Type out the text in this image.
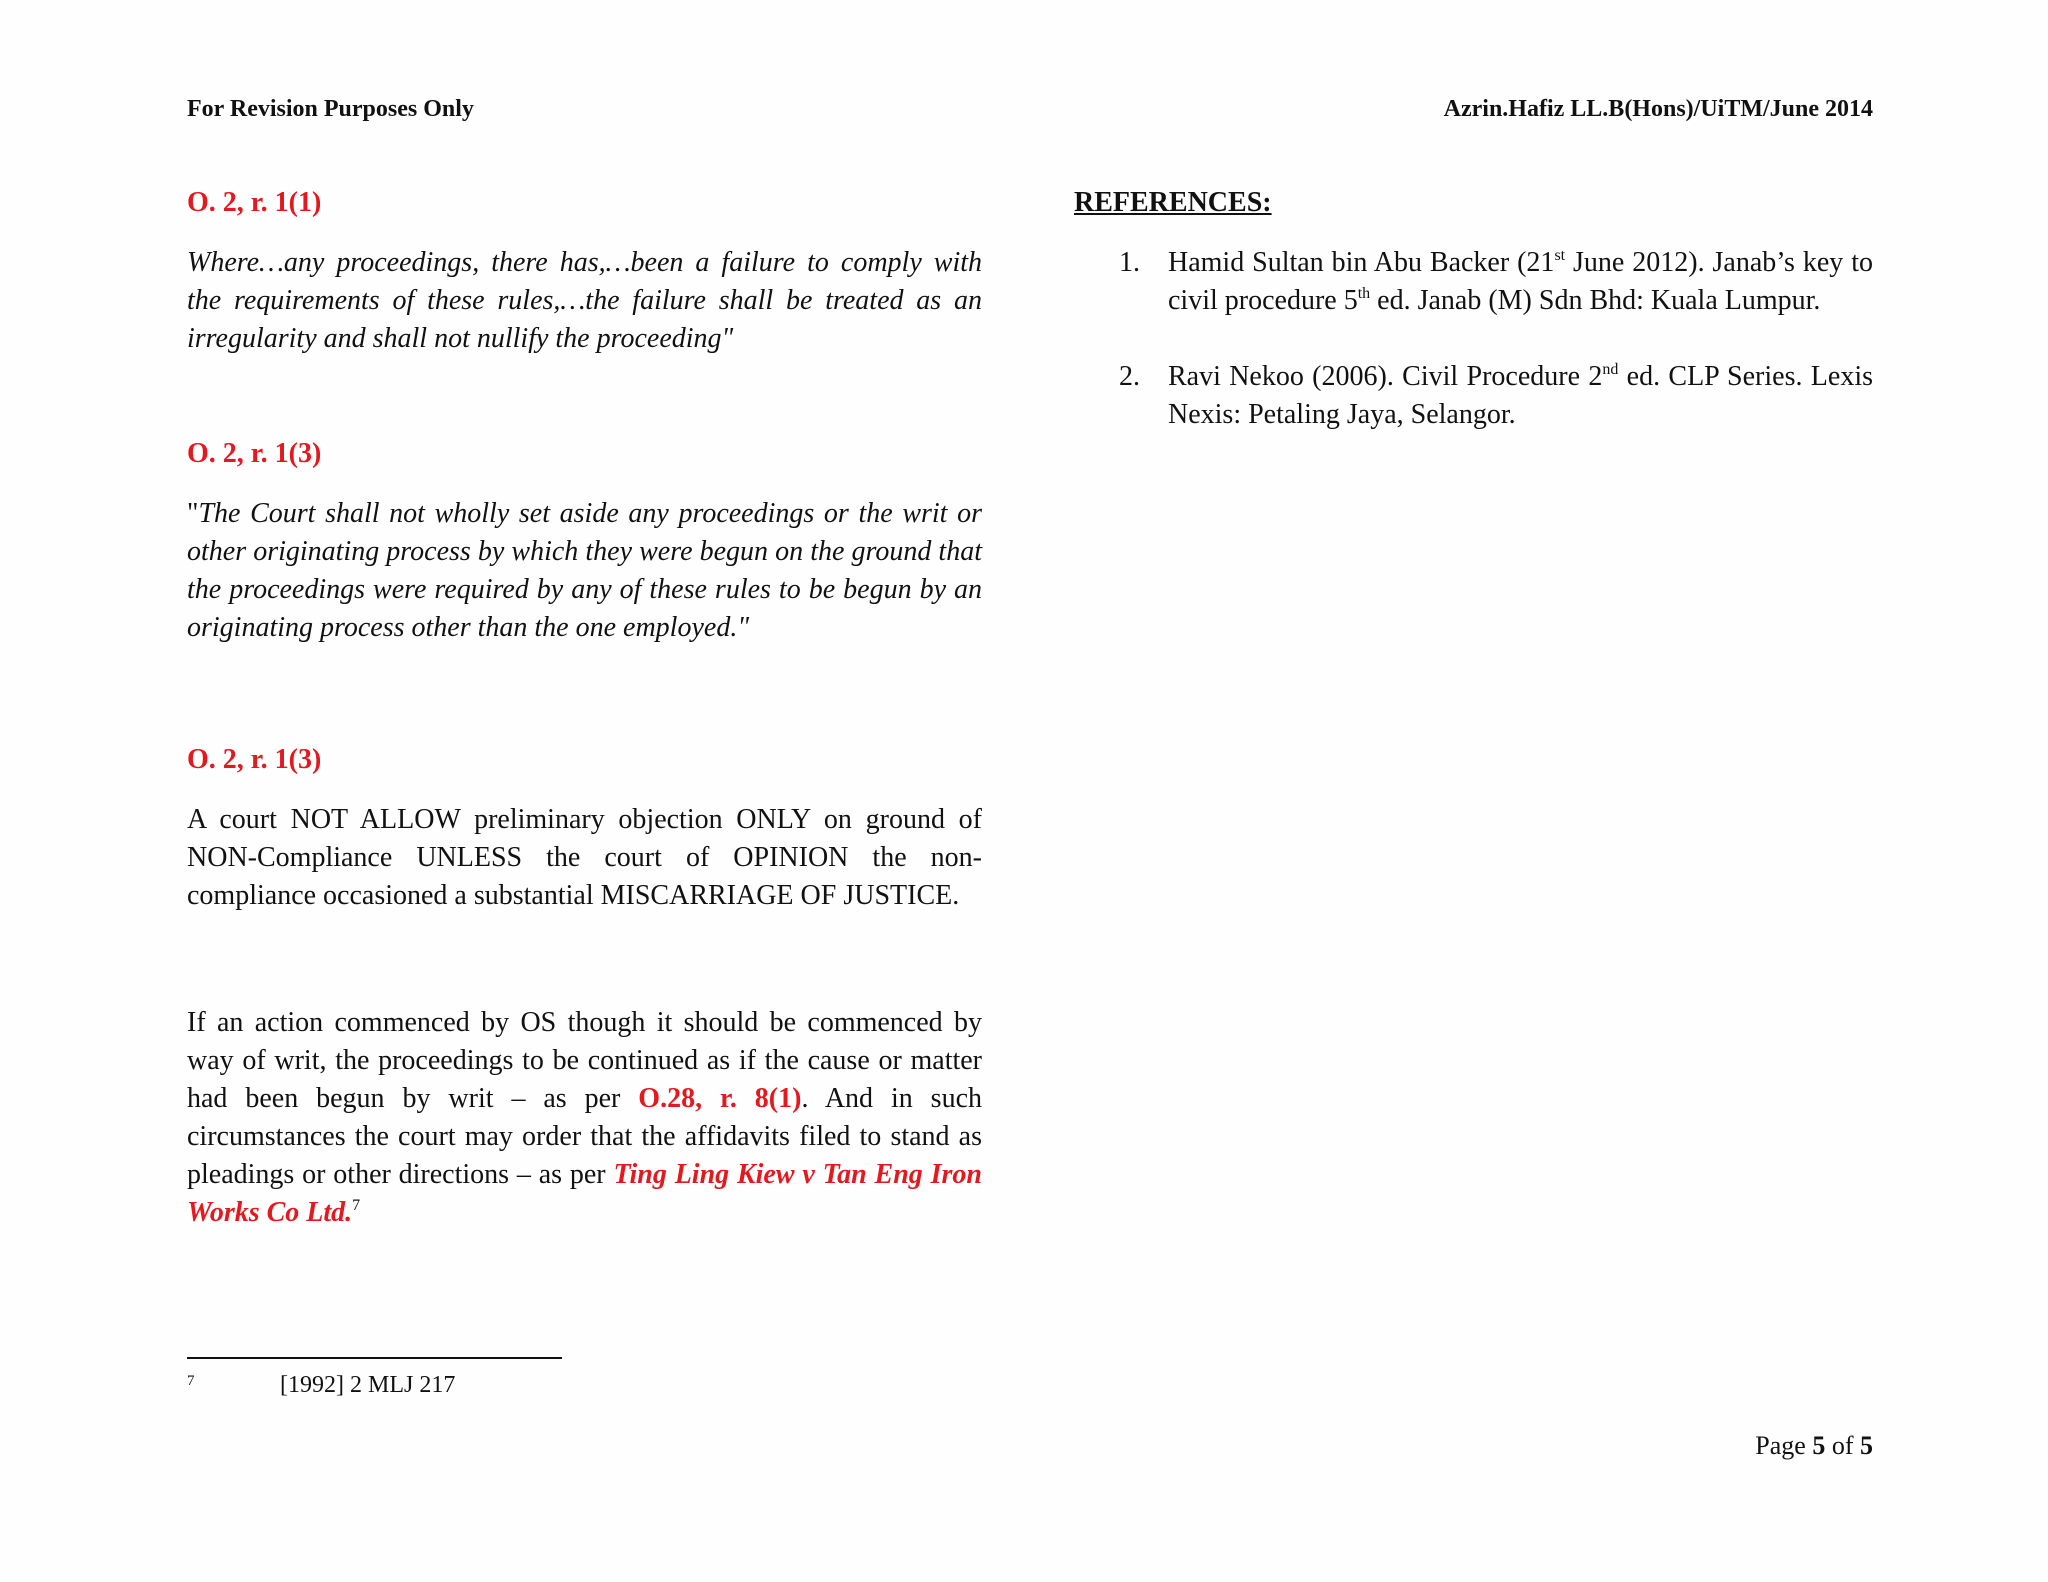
For Revision Purposes Only	Azrin.Hafiz LL.B(Hons)/UiTM/June 2014

O. 2, r. 1(1)

Where…any proceedings, there has,…been a failure to comply with the requirements of these rules,…the failure shall be treated as an irregularity and shall not nullify the proceeding"

O. 2, r. 1(3)

"The Court shall not wholly set aside any proceedings or the writ or other originating process by which they were begun on the ground that the proceedings were required by any of these rules to be begun by an originating process other than the one employed."

O. 2, r. 1(3)

A court NOT ALLOW preliminary objection ONLY on ground of NON-Compliance UNLESS the court of OPINION the non-compliance occasioned a substantial MISCARRIAGE OF JUSTICE.

If an action commenced by OS though it should be commenced by way of writ, the proceedings to be continued as if the cause or matter had been begun by writ – as per O.28, r. 8(1). And in such circumstances the court may order that the affidavits filed to stand as pleadings or other directions – as per Ting Ling Kiew v Tan Eng Iron Works Co Ltd.$^7$

REFERENCES:

1. Hamid Sultan bin Abu Backer (21st June 2012). Janab’s key to civil procedure 5th ed. Janab (M) Sdn Bhd: Kuala Lumpur.
2. Ravi Nekoo (2006). Civil Procedure 2nd ed. CLP Series. Lexis Nexis: Petaling Jaya, Selangor.
7	[1992] 2 MLJ 217
Page 5 of 5
